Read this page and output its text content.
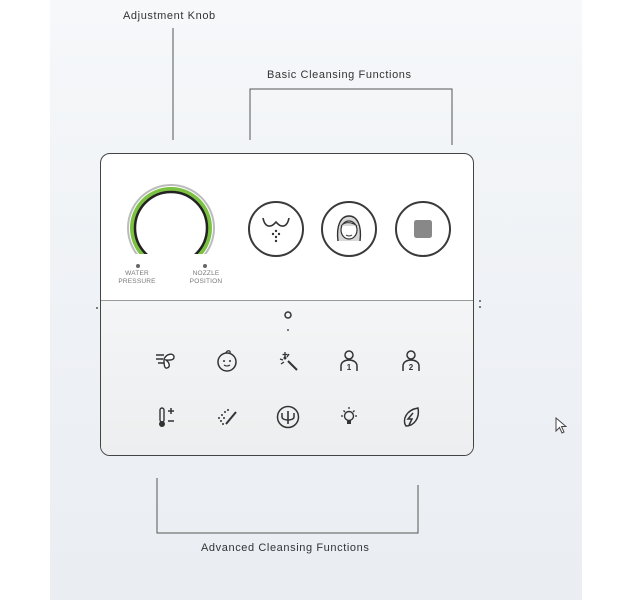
Adjustment Knob
Basic Cleansing Functions
Advanced Cleansing Functions
WATER
PRESSURE
NOZZLE
POSITION
1	2
